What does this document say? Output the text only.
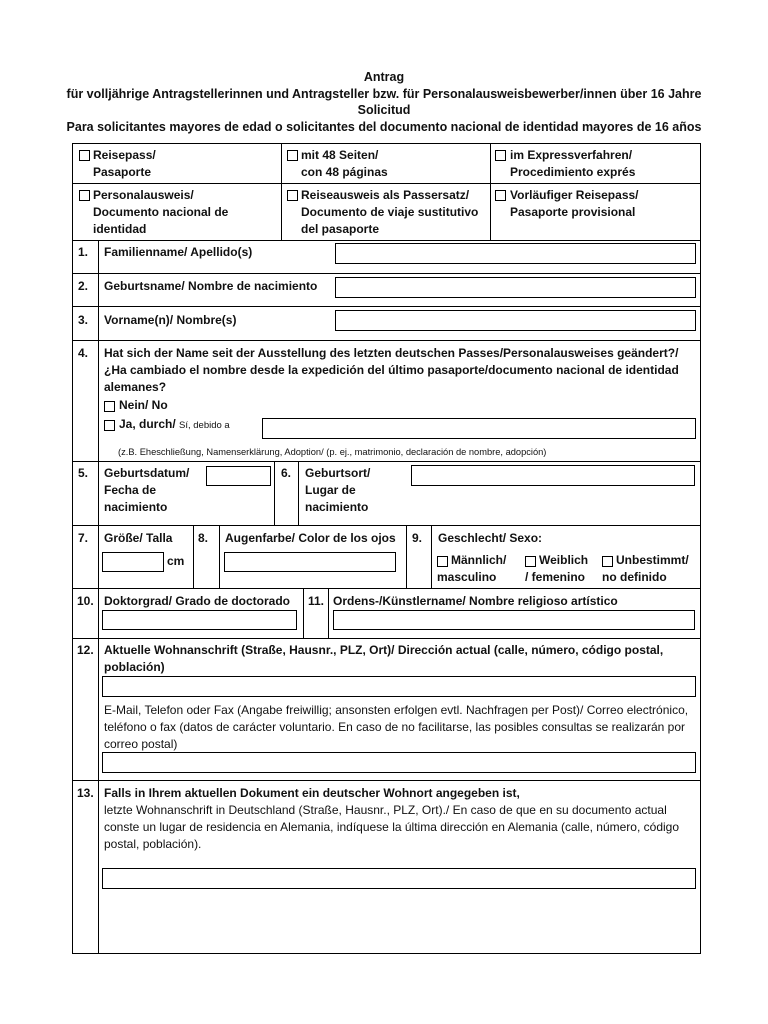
Antrag
für volljährige Antragstellerinnen und Antragsteller bzw. für Personalausweisbewerber/innen über 16 Jahre
Solicitud
Para solicitantes mayores de edad o solicitantes del documento nacional de identidad mayores de 16 años
Reisepass/
Pasaporte
mit 48 Seiten/
con 48 páginas
im Expressverfahren/
Procedimiento exprés
Personalausweis/
Documento nacional de
identidad
Reiseausweis als Passersatz/
Documento de viaje sustitutivo
del pasaporte
Vorläufiger Reisepass/
Pasaporte provisional
1. Familienname/ Apellido(s)
2. Geburtsname/ Nombre de nacimiento
3. Vorname(n)/ Nombre(s)
4. Hat sich der Name seit der Ausstellung des letzten deutschen Passes/Personalausweises geändert?/ ¿Ha cambiado el nombre desde la expedición del último pasaporte/documento nacional de identidad alemanes?
Nein/ No
Ja, durch/ Sí, debido a
(z.B. Eheschließung, Namenserklärung, Adoption/ (p. ej., matrimonio, declaración de nombre, adopción)
5. Geburtsdatum/
Fecha de
nacimiento
6. Geburtsort/
Lugar de
nacimiento
7. Größe/ Talla
cm
8. Augenfarbe/ Color de los ojos 9. Geschlecht/ Sexo:
Männlich/
masculino
Weiblich
/ femenino
Unbestimmt/
no definido
10. Doktorgrad/ Grado de doctorado 11. Ordens-/Künstlername/ Nombre religioso artístico
12. Aktuelle Wohnanschrift (Straße, Hausnr., PLZ, Ort)/ Dirección actual (calle, número, código postal, población)
E-Mail, Telefon oder Fax (Angabe freiwillig; ansonsten erfolgen evtl. Nachfragen per Post)/ Correo electrónico, teléfono o fax (datos de carácter voluntario. En caso de no facilitarse, las posibles consultas se realizarán por correo postal)
13. Falls in Ihrem aktuellen Dokument ein deutscher Wohnort angegeben ist,
letzte Wohnanschrift in Deutschland (Straße, Hausnr., PLZ, Ort)./ En caso de que en su documento actual conste un lugar de residencia en Alemania, indíquese la última dirección en Alemania (calle, número, código postal, población).
